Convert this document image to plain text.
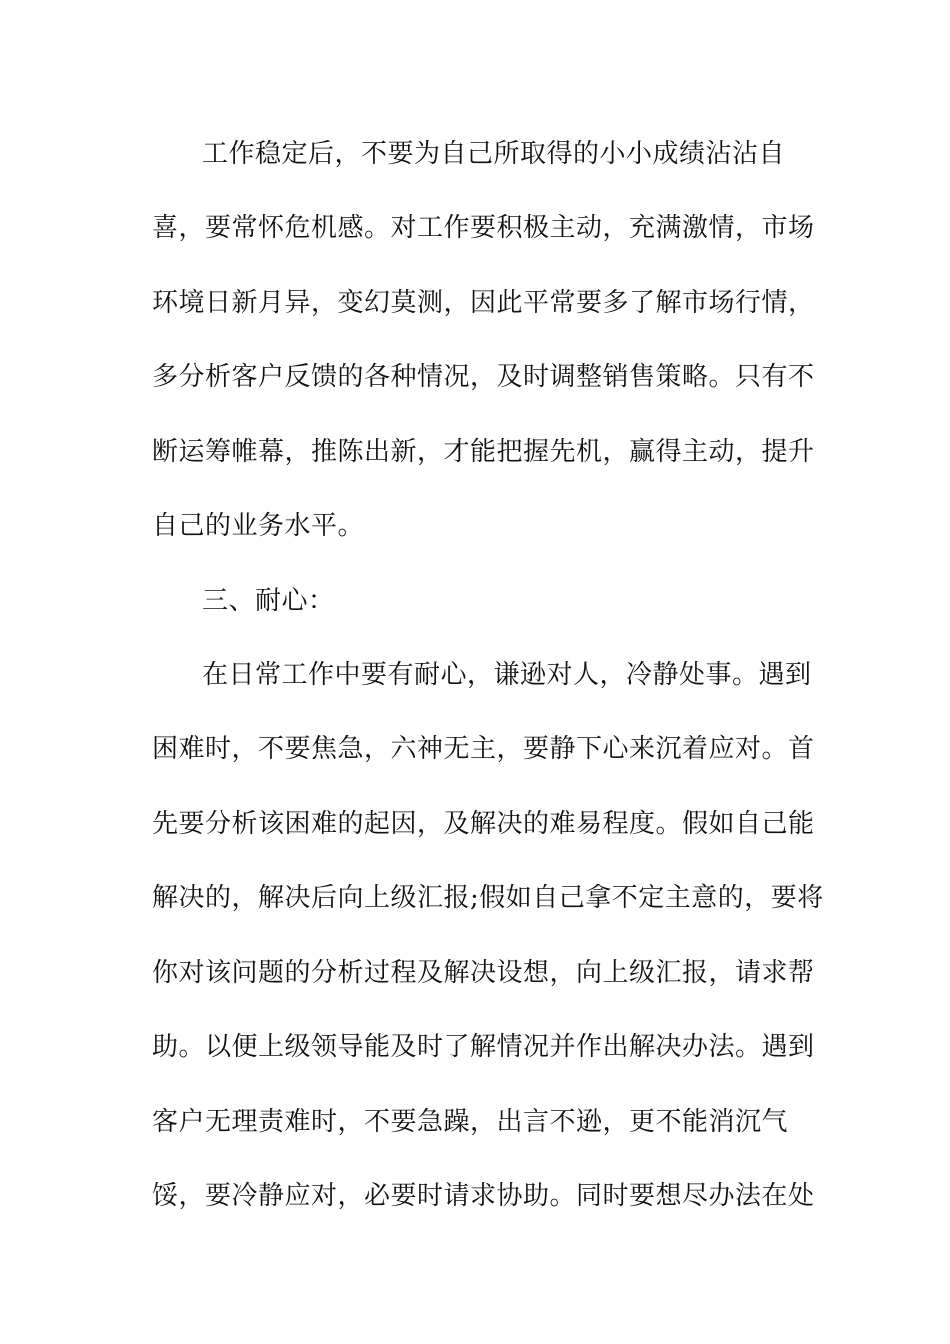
工作稳定后，不要为自己所取得的小小成绩沾沾自
喜，要常怀危机感。对工作要积极主动，充满激情，市场
环境日新月异，变幻莫测，因此平常要多了解市场行情，
多分析客户反馈的各种情况，及时调整销售策略。只有不
断运筹帷幕，推陈出新，才能把握先机，赢得主动，提升
自己的业务水平。
三、耐心：
在日常工作中要有耐心，谦逊对人，冷静处事。遇到
困难时，不要焦急，六神无主，要静下心来沉着应对。首
先要分析该困难的起因，及解决的难易程度。假如自己能
解决的，解决后向上级汇报;假如自己拿不定主意的，要将
你对该问题的分析过程及解决设想，向上级汇报，请求帮
助。以便上级领导能及时了解情况并作出解决办法。遇到
客户无理责难时，不要急躁，出言不逊，更不能消沉气
馁，要冷静应对，必要时请求协助。同时要想尽办法在处
